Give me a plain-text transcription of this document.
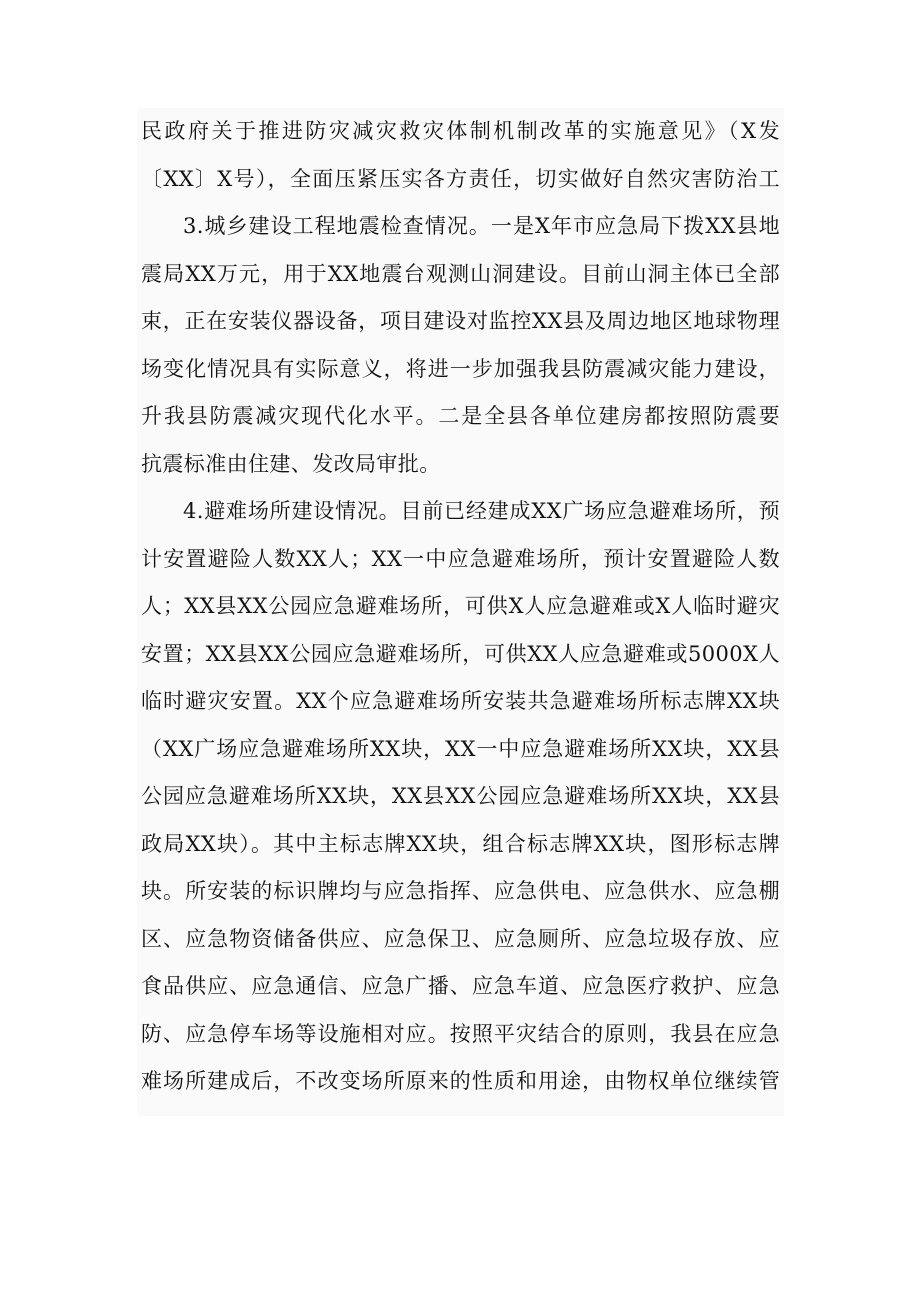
民政府关于推进防灾减灾救灾体制机制改革的实施意见》（X发
〔XX〕X号），全面压紧压实各方责任，切实做好自然灾害防治工
3.城乡建设工程地震检查情况。一是X年市应急局下拨XX县地
震局XX万元，用于XX地震台观测山洞建设。目前山洞主体已全部
束，正在安装仪器设备，项目建设对监控XX县及周边地区地球物理
场变化情况具有实际意义，将进一步加强我县防震减灾能力建设，
升我县防震减灾现代化水平。二是全县各单位建房都按照防震要
抗震标准由住建、发改局审批。
4.避难场所建设情况。目前已经建成XX广场应急避难场所，预
计安置避险人数XX人；XX一中应急避难场所，预计安置避险人数
人；XX县XX公园应急避难场所，可供X人应急避难或X人临时避灾
安置；XX县XX公园应急避难场所，可供XX人应急避难或5000X人
临时避灾安置。XX个应急避难场所安装共急避难场所标志牌XX块
（XX广场应急避难场所XX块，XX一中应急避难场所XX块，XX县
公园应急避难场所XX块，XX县XX公园应急避难场所XX块，XX县
政局XX块）。其中主标志牌XX块，组合标志牌XX块，图形标志牌
块。所安装的标识牌均与应急指挥、应急供电、应急供水、应急棚
区、应急物资储备供应、应急保卫、应急厕所、应急垃圾存放、应
食品供应、应急通信、应急广播、应急车道、应急医疗救护、应急
防、应急停车场等设施相对应。按照平灾结合的原则，我县在应急
难场所建成后，不改变场所原来的性质和用途，由物权单位继续管
